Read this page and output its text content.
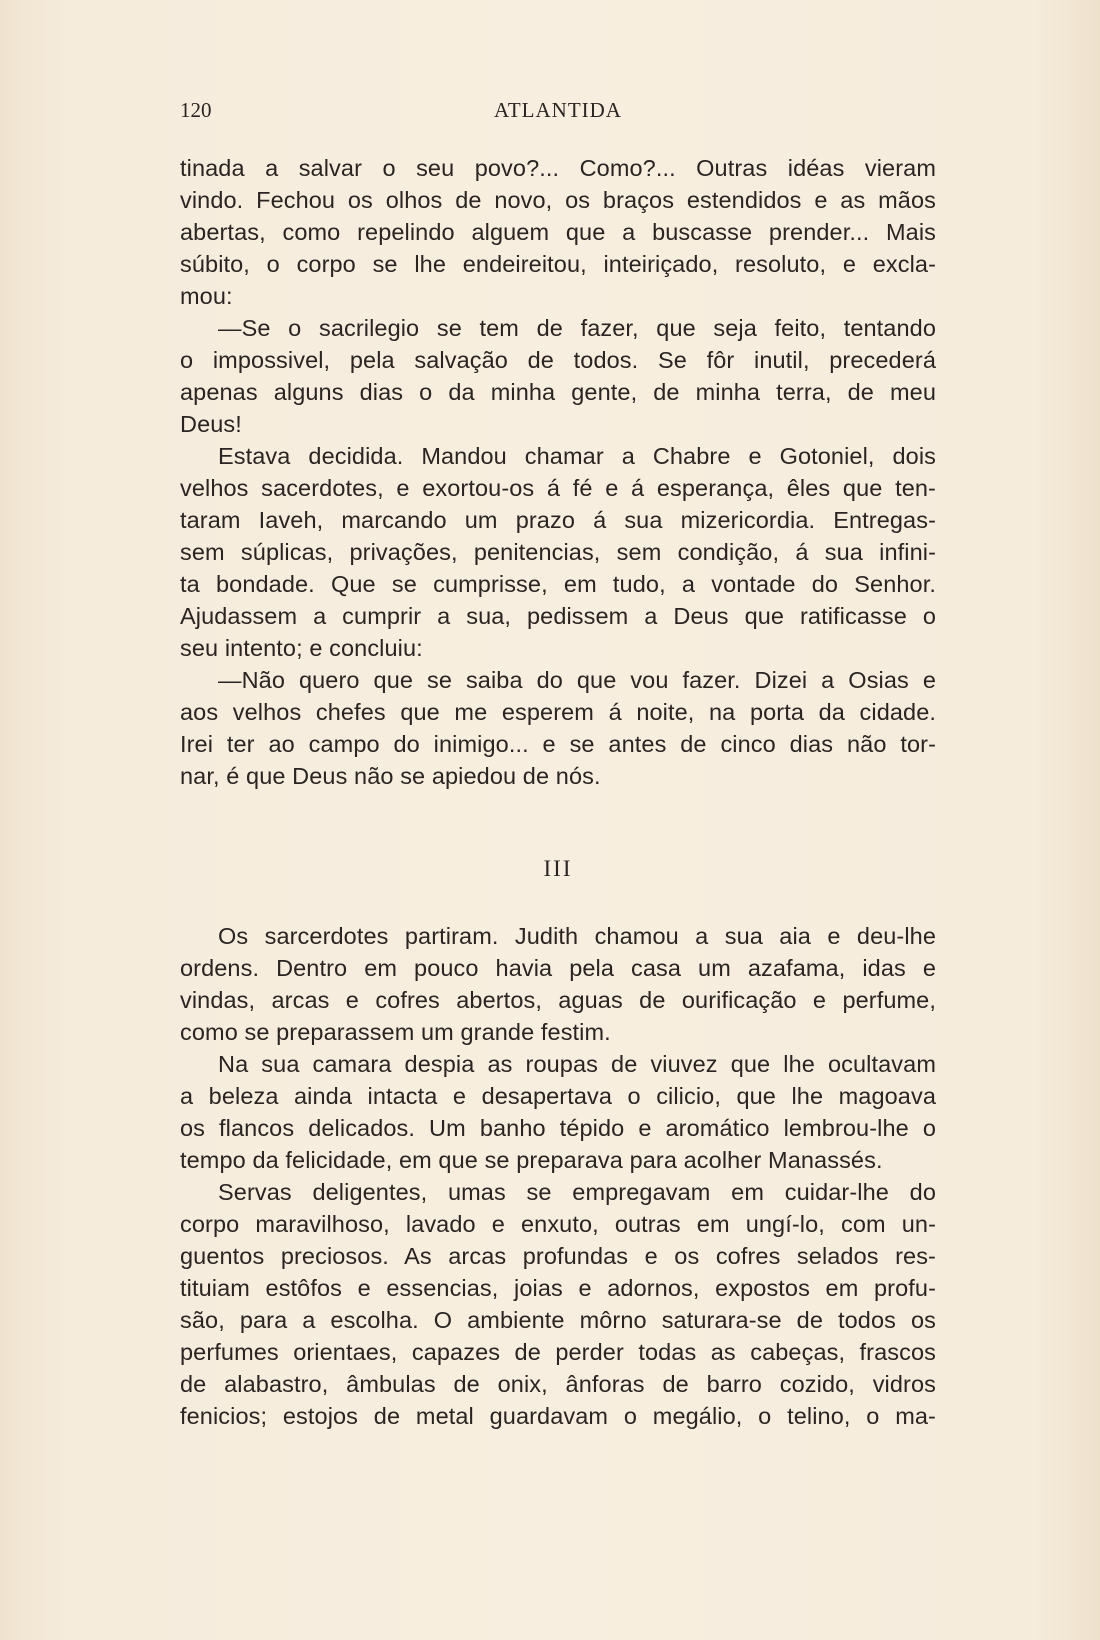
120	ATLANTIDA
tinada a salvar o seu povo?... Como?... Outras idéas vieram
vindo. Fechou os olhos de novo, os braços estendidos e as mãos
abertas, como repelindo alguem que a buscasse prender... Mais
súbito, o corpo se lhe endeireitou, inteiriçado, resoluto, e excla-
mou:
—Se o sacrilegio se tem de fazer, que seja feito, tentando
o impossivel, pela salvação de todos. Se fôr inutil, precederá
apenas alguns dias o da minha gente, de minha terra, de meu
Deus!
Estava decidida. Mandou chamar a Chabre e Gotoniel, dois
velhos sacerdotes, e exortou-os á fé e á esperança, êles que ten-
taram Iaveh, marcando um prazo á sua mizericordia. Entregas-
sem súplicas, privações, penitencias, sem condição, á sua infini-
ta bondade. Que se cumprisse, em tudo, a vontade do Senhor.
Ajudassem a cumprir a sua, pedissem a Deus que ratificasse o
seu intento; e concluiu:
—Não quero que se saiba do que vou fazer. Dizei a Osias e
aos velhos chefes que me esperem á noite, na porta da cidade.
Irei ter ao campo do inimigo... e se antes de cinco dias não tor-
nar, é que Deus não se apiedou de nós.
III
Os sarcerdotes partiram. Judith chamou a sua aia e deu-lhe
ordens. Dentro em pouco havia pela casa um azafama, idas e
vindas, arcas e cofres abertos, aguas de ourificação e perfume,
como se preparassem um grande festim.
Na sua camara despia as roupas de viuvez que lhe ocultavam
a beleza ainda intacta e desapertava o cilicio, que lhe magoava
os flancos delicados. Um banho tépido e aromático lembrou-lhe o
tempo da felicidade, em que se preparava para acolher Manassés.
Servas deligentes, umas se empregavam em cuidar-lhe do
corpo maravilhoso, lavado e enxuto, outras em ungí-lo, com un-
guentos preciosos. As arcas profundas e os cofres selados res-
tituiam estôfos e essencias, joias e adornos, expostos em profu-
são, para a escolha. O ambiente môrno saturara-se de todos os
perfumes orientaes, capazes de perder todas as cabeças, frascos
de alabastro, âmbulas de onix, ânforas de barro cozido, vidros
fenicios; estojos de metal guardavam o megálio, o telino, o ma-
